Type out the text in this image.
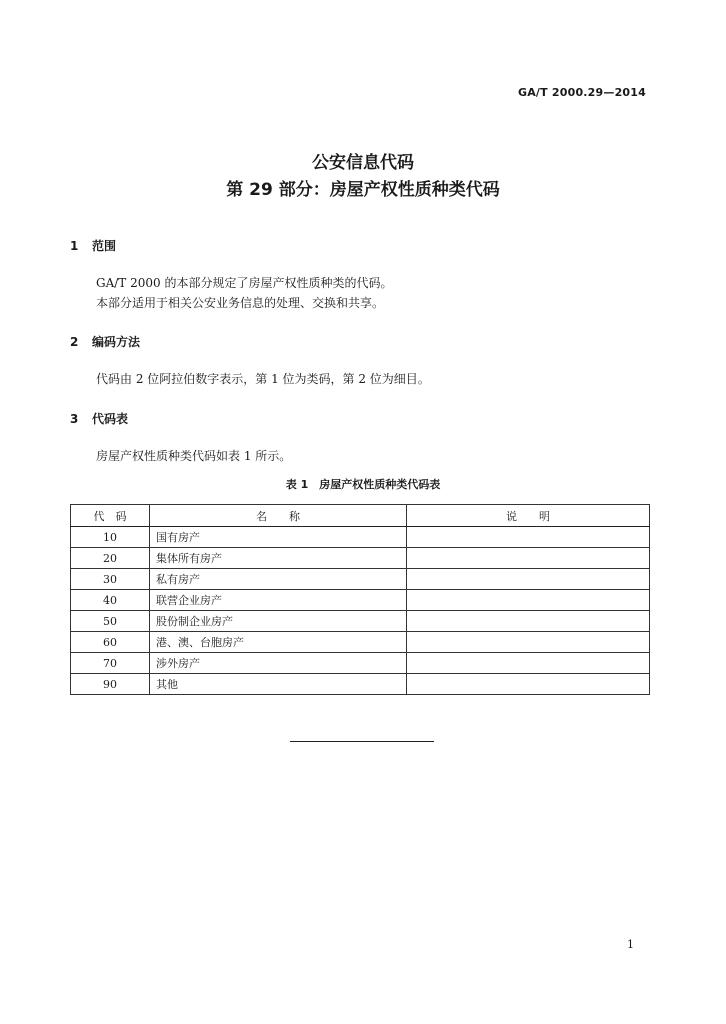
GA/T 2000.29—2014
公安信息代码
第 29 部分：房屋产权性质种类代码
1 范围
GA/T 2000 的本部分规定了房屋产权性质种类的代码。
本部分适用于相关公安业务信息的处理、交换和共享。
2 编码方法
代码由 2 位阿拉伯数字表示，第 1 位为类码，第 2 位为细目。
3 代码表
房屋产权性质种类代码如表 1 所示。
表 1　房屋产权性质种类代码表
代　码	名　　称	说　　明
10	国有房产	
20	集体所有房产	
30	私有房产	
40	联营企业房产	
50	股份制企业房产	
60	港、澳、台胞房产	
70	涉外房产	
90	其他	
1
